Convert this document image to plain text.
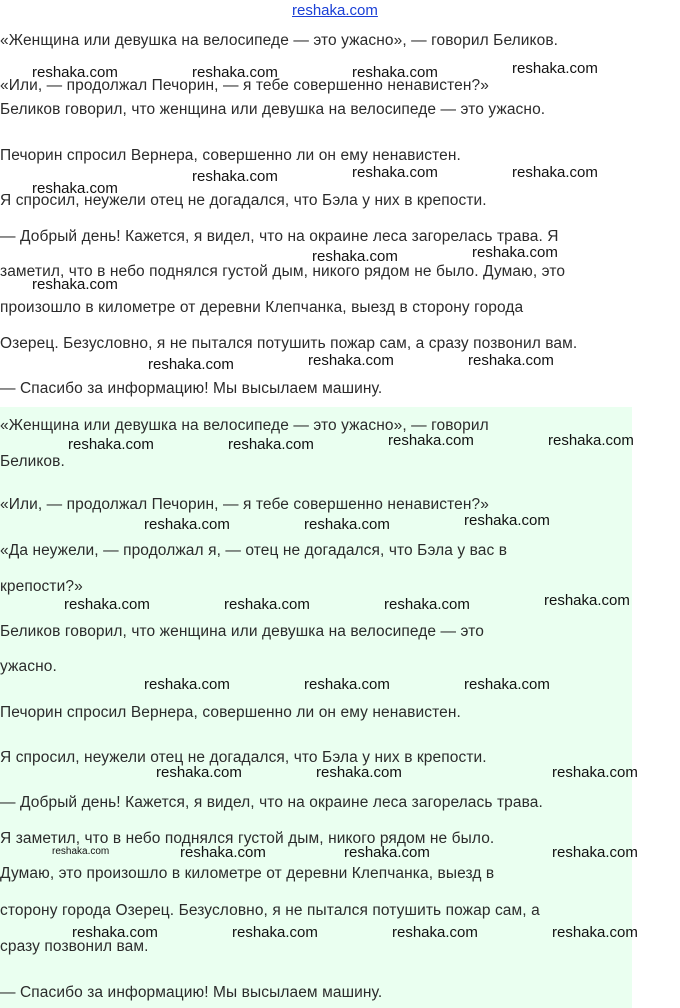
reshaka.com

«Женщина или девушка на велосипеде — это ужасно», — говорил Беликов.

«Или, — продолжал Печорин, — я тебе совершенно ненавистен?»

Беликов говорил, что женщина или девушка на велосипеде — это ужасно.

Печорин спросил Вернера, совершенно ли он ему ненавистен.

Я спросил, неужели отец не догадался, что Бэла у них в крепости.

— Добрый день! Кажется, я видел, что на окраине леса загорелась трава. Я

заметил, что в небо поднялся густой дым, никого рядом не было. Думаю, это

произошло в километре от деревни Клепчанка, выезд в сторону города

Озерец. Безусловно, я не пытался потушить пожар сам, а сразу позвонил вам.

— Спасибо за информацию! Мы высылаем машину.

«Женщина или девушка на велосипеде — это ужасно», — говорил

Беликов.

«Или, — продолжал Печорин, — я тебе совершенно ненавистен?»

«Да неужели, — продолжал я, — отец не догадался, что Бэла у вас в

крепости?»

Беликов говорил, что женщина или девушка на велосипеде — это

ужасно.

Печорин спросил Вернера, совершенно ли он ему ненавистен.

Я спросил, неужели отец не догадался, что Бэла у них в крепости.

— Добрый день! Кажется, я видел, что на окраине леса загорелась трава.

Я заметил, что в небо поднялся густой дым, никого рядом не было.

Думаю, это произошло в километре от деревни Клепчанка, выезд в

сторону города Озерец. Безусловно, я не пытался потушить пожар сам, а

сразу позвонил вам.

— Спасибо за информацию! Мы высылаем машину.

reshaka.com	reshaka.com	reshaka.com	reshaka.com
reshaka.com
reshaka.com	reshaka.com	reshaka.com
reshaka.com
reshaka.com	reshaka.com
reshaka.com	reshaka.com	reshaka.com
reshaka.com	reshaka.com	reshaka.com	reshaka.com
reshaka.com	reshaka.com	reshaka.com
reshaka.com	reshaka.com	reshaka.com	reshaka.com
reshaka.com	reshaka.com	reshaka.com
reshaka.com	reshaka.com	reshaka.com
reshaka.com	reshaka.com	reshaka.com	reshaka.com
reshaka.com	reshaka.com	reshaka.com	reshaka.com
